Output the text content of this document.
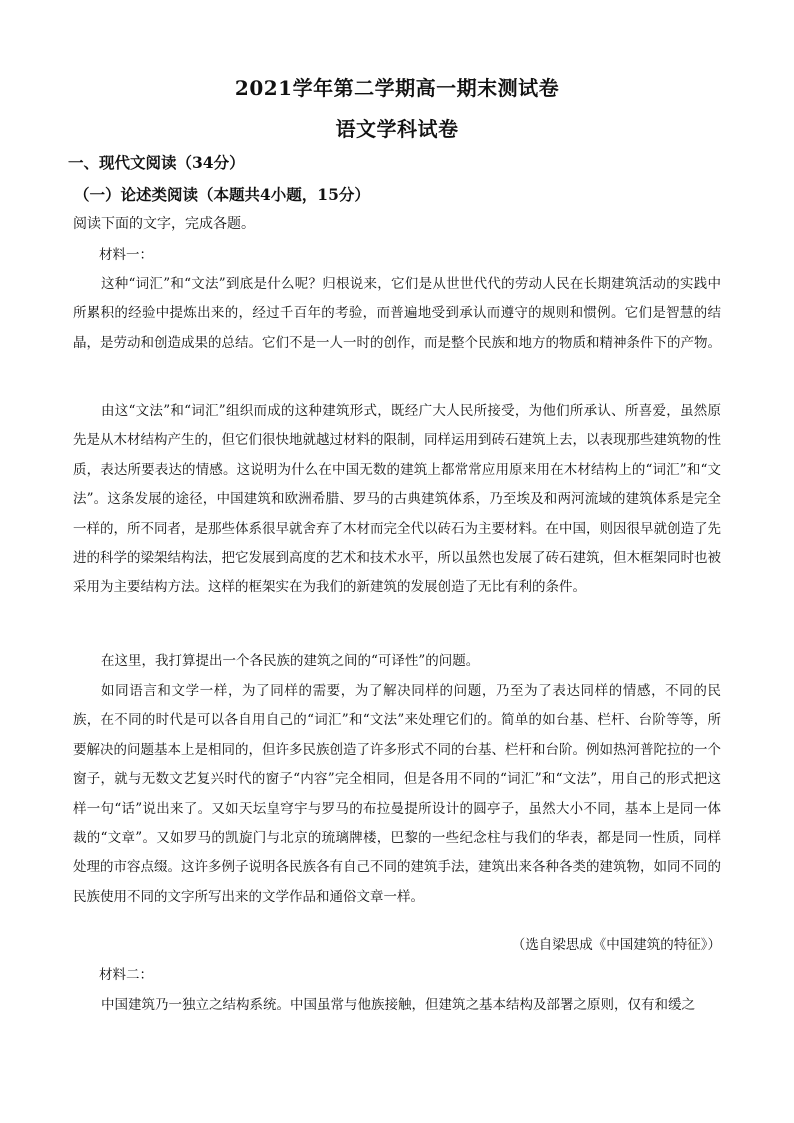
2021学年第二学期高一期末测试卷
语文学科试卷
一、现代文阅读（34分）
（一）论述类阅读（本题共4小题，15分）
阅读下面的文字，完成各题。
材料一：

这种“词汇”和“文法”到底是什么呢？归根说来，它们是从世世代代的劳动人民在长期建筑活动的实践中所累积的经验中提炼出来的，经过千百年的考验，而普遍地受到承认而遵守的规则和惯例。它们是智慧的结晶，是劳动和创造成果的总结。它们不是一人一时的创作，而是整个民族和地方的物质和精神条件下的产物。

由这“文法”和“词汇”组织而成的这种建筑形式，既经广大人民所接受，为他们所承认、所喜爱，虽然原先是从木材结构产生的，但它们很快地就越过材料的限制，同样运用到砖石建筑上去，以表现那些建筑物的性质，表达所要表达的情感。这说明为什么在中国无数的建筑上都常常应用原来用在木材结构上的“词汇”和“文法”。这条发展的途径，中国建筑和欧洲希腊、罗马的古典建筑体系，乃至埃及和两河流域的建筑体系是完全一样的，所不同者，是那些体系很早就舍弃了木材而完全代以砖石为主要材料。在中国，则因很早就创造了先进的科学的梁架结构法，把它发展到高度的艺术和技术水平，所以虽然也发展了砖石建筑，但木框架同时也被采用为主要结构方法。这样的框架实在为我们的新建筑的发展创造了无比有利的条件。

在这里，我打算提出一个各民族的建筑之间的“可译性”的问题。

如同语言和文学一样，为了同样的需要，为了解决同样的问题，乃至为了表达同样的情感，不同的民族，在不同的时代是可以各自用自己的“词汇”和“文法”来处理它们的。简单的如台基、栏杆、台阶等等，所要解决的问题基本上是相同的，但许多民族创造了许多形式不同的台基、栏杆和台阶。例如热河普陀拉的一个窗子，就与无数文艺复兴时代的窗子“内容”完全相同，但是各用不同的“词汇”和“文法”，用自己的形式把这样一句“话”说出来了。又如天坛皇穹宇与罗马的布拉曼提所设计的圆亭子，虽然大小不同，基本上是同一体裁的“文章”。又如罗马的凯旋门与北京的琉璃牌楼，巴黎的一些纪念柱与我们的华表，都是同一性质，同样处理的市容点缀。这许多例子说明各民族各有自己不同的建筑手法，建筑出来各种各类的建筑物，如同不同的民族使用不同的文字所写出来的文学作品和通俗文章一样。

（选自梁思成《中国建筑的特征》）
材料二：

中国建筑乃一独立之结构系统。中国虽常与他族接触，但建筑之基本结构及部署之原则，仅有和缓之
